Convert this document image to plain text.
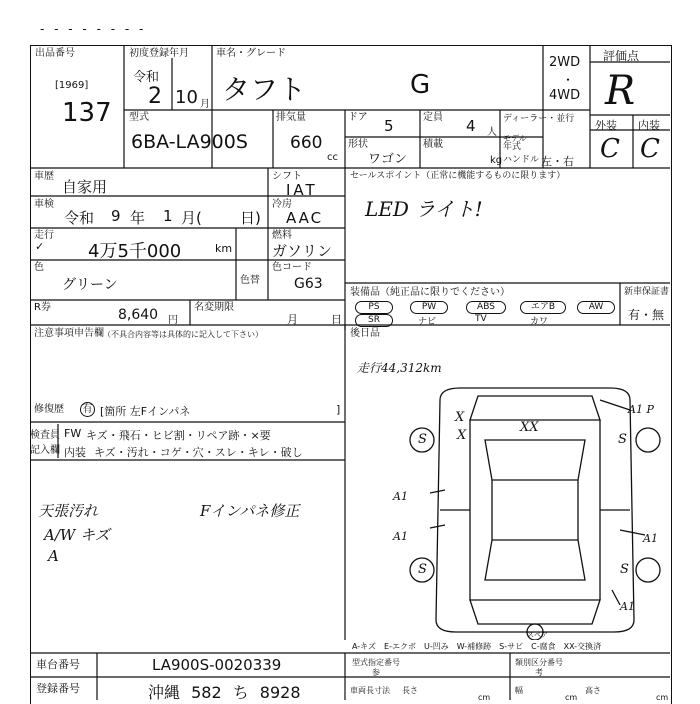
- - - - - - - -
出品番号
[1969]
137
初度登録年月
令和
2 10 月
車名・グレード
タフト	G
2WD
・
4WD
評価点
R
外装 内装
C C
型式
6BA-LA900S
排気量
660
cc
ドア 5	定員 4 人
ディーラー・並行
形状
ワゴン
積載
kg
モデル
年式
ハンドル 左・右
車歴
自家用
シフト
IAT
冷房
AAC
燃料
ガソリン
車検
令和 9 年 1 月(	日)
走行
✓ 4万5千000	km
色
グリーン	色替
色コード
G63
セールスポイント（正常に機能するものに限ります）
LED ライト!
装備品（純正品に限りでください）
PS	PW	ABS	エアB	AW
SR	ナビ	TV	カワ
新車保証書
有・無
R券	8,640 円
名変期限
月	日
注意事項申告欄 （不具合内容等は具体的に記入して下さい）
修復歴 有 [箇所 左Fインパネ	]
後日品
走行44,312km
検査員
記入欄
FW キズ・飛石・ヒビ割・リペア跡・×要
内装 キズ・汚れ・コゲ・穴・スレ・キレ・破し
天張汚れ
A/W キズ
A
Fインパネ修正
X
X
XX
A1 P
S	S
A1
A1	A1
S	S
A1
スペア
A-キズ　E-エクボ　U-凹み　W-補修跡　S-サビ　C-腐食　XX-交換済
車台番号	LA900S-0020339
登録番号	沖縄 582 ち 8928
型式指定番号	類別区分番号
参	考
車両長寸法 長さ
cm
幅
cm
高さ
cm
